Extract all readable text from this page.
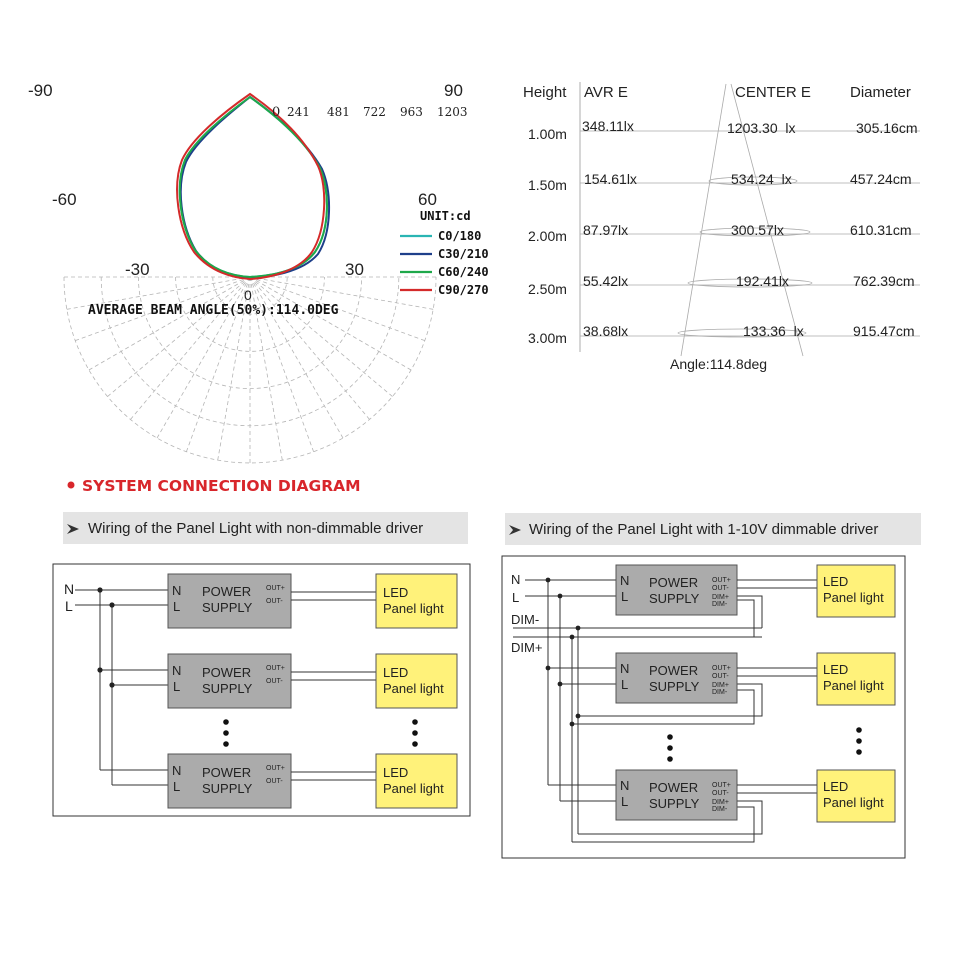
-90	90
-60	60
-30	30
0
0 241 481 722 963 1203
UNIT:cd
C0/180
C30/210
C60/240
C90/270
AVERAGE BEAM ANGLE(50%):114.0DEG
Height AVR E	CENTER E	Diameter
1.00m 348.11lx	1203.30  lx	305.16cm
1.50m 154.61lx	534.24  lx	457.24cm
2.00m 87.97lx	300.57lx	610.31cm
2.50m 55.42lx	192.41lx	762.39cm
3.00m 38.68lx	133.36  lx	915.47cm
Angle:114.8deg
SYSTEM CONNECTION DIAGRAM
Wiring of the Panel Light with non-dimmable driver
N
L
N
L
POWER
SUPPLY
OUT+
OUT-
N
L
POWER
SUPPLY
OUT+
OUT-
N
L
POWER
SUPPLY
OUT+
OUT-
LED
Panel light
LED
Panel light
LED
Panel light
Wiring of the Panel Light with 1-10V dimmable driver
N
L
DIM-
DIM+
N
L
POWER
SUPPLY
OUT+
OUT-
DIM+
DIM-
N
L
POWER
SUPPLY
OUT+
OUT-
DIM+
DIM-
N
L
POWER
SUPPLY
OUT+
OUT-
DIM+
DIM-
LED
Panel light
LED
Panel light
LED
Panel light
